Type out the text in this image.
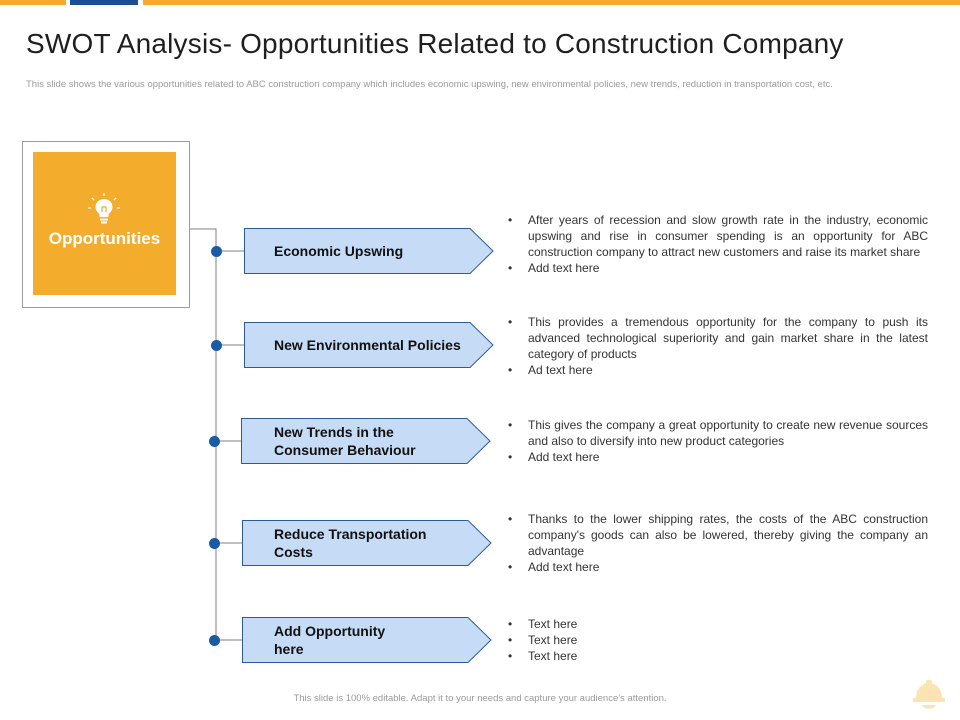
SWOT Analysis- Opportunities Related to Construction Company
This slide shows the various opportunities related to ABC construction company which includes economic upswing, new environmental policies, new trends, reduction in transportation cost, etc.
Opportunities
Economic Upswing
New Environmental Policies
New Trends in the Consumer Behaviour
Reduce Transportation Costs
Add Opportunity here
• After years of recession and slow growth rate in the industry, economic upswing and rise in consumer spending is an opportunity for ABC construction company to attract new customers and raise its market share
• Add text here
• This provides a tremendous opportunity for the company to push its advanced technological superiority and gain market share in the latest category of products
• Ad text here
• This gives the company a great opportunity to create new revenue sources and also to diversify into new product categories
• Add text here
• Thanks to the lower shipping rates, the costs of the ABC construction company's goods can also be lowered, thereby giving the company an advantage
• Add text here
• Text here
• Text here
• Text here
This slide is 100% editable. Adapt it to your needs and capture your audience's attention.
